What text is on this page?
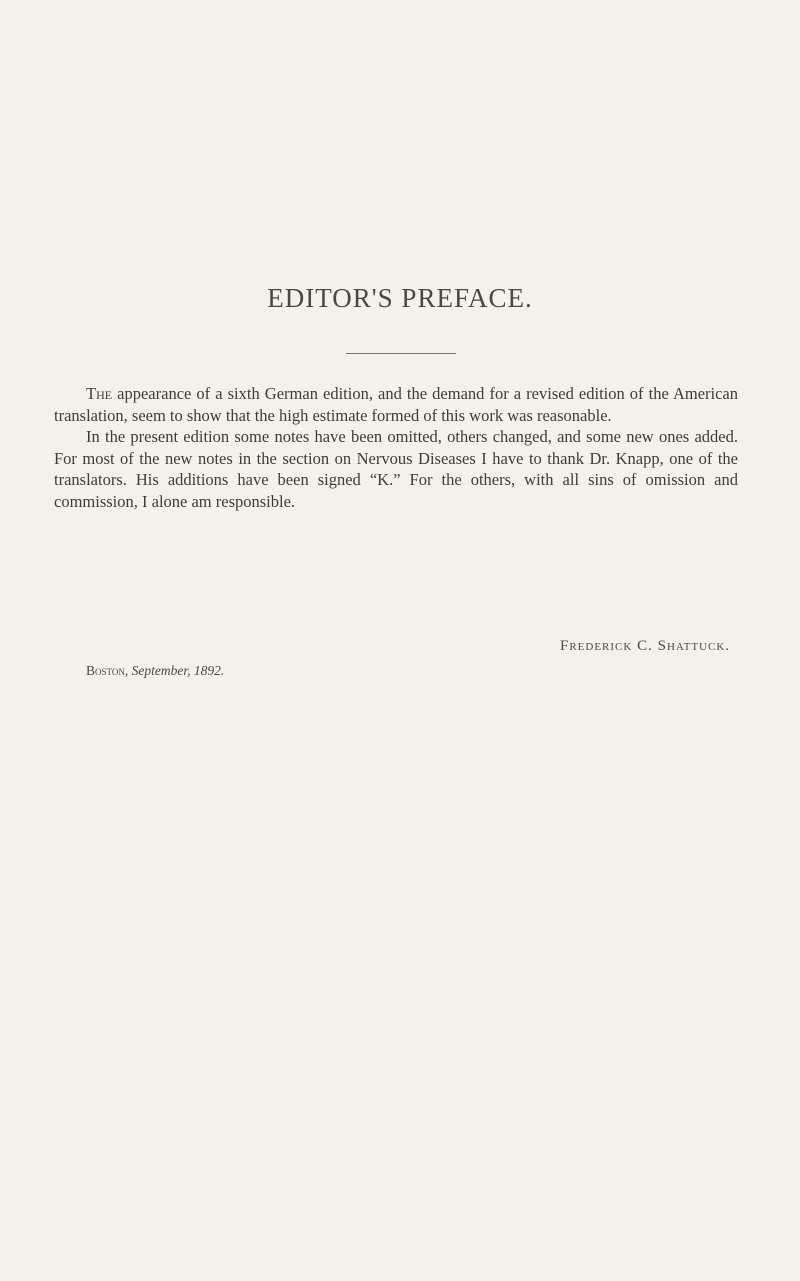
EDITOR'S PREFACE.

The appearance of a sixth German edition, and the demand for a revised edition of the American translation, seem to show that the high estimate formed of this work was reasonable.

In the present edition some notes have been omitted, others changed, and some new ones added. For most of the new notes in the section on Nervous Diseases I have to thank Dr. Knapp, one of the translators. His additions have been signed “K.” For the others, with all sins of omission and commission, I alone am responsible.

Frederick C. Shattuck.
Boston, September, 1892.
